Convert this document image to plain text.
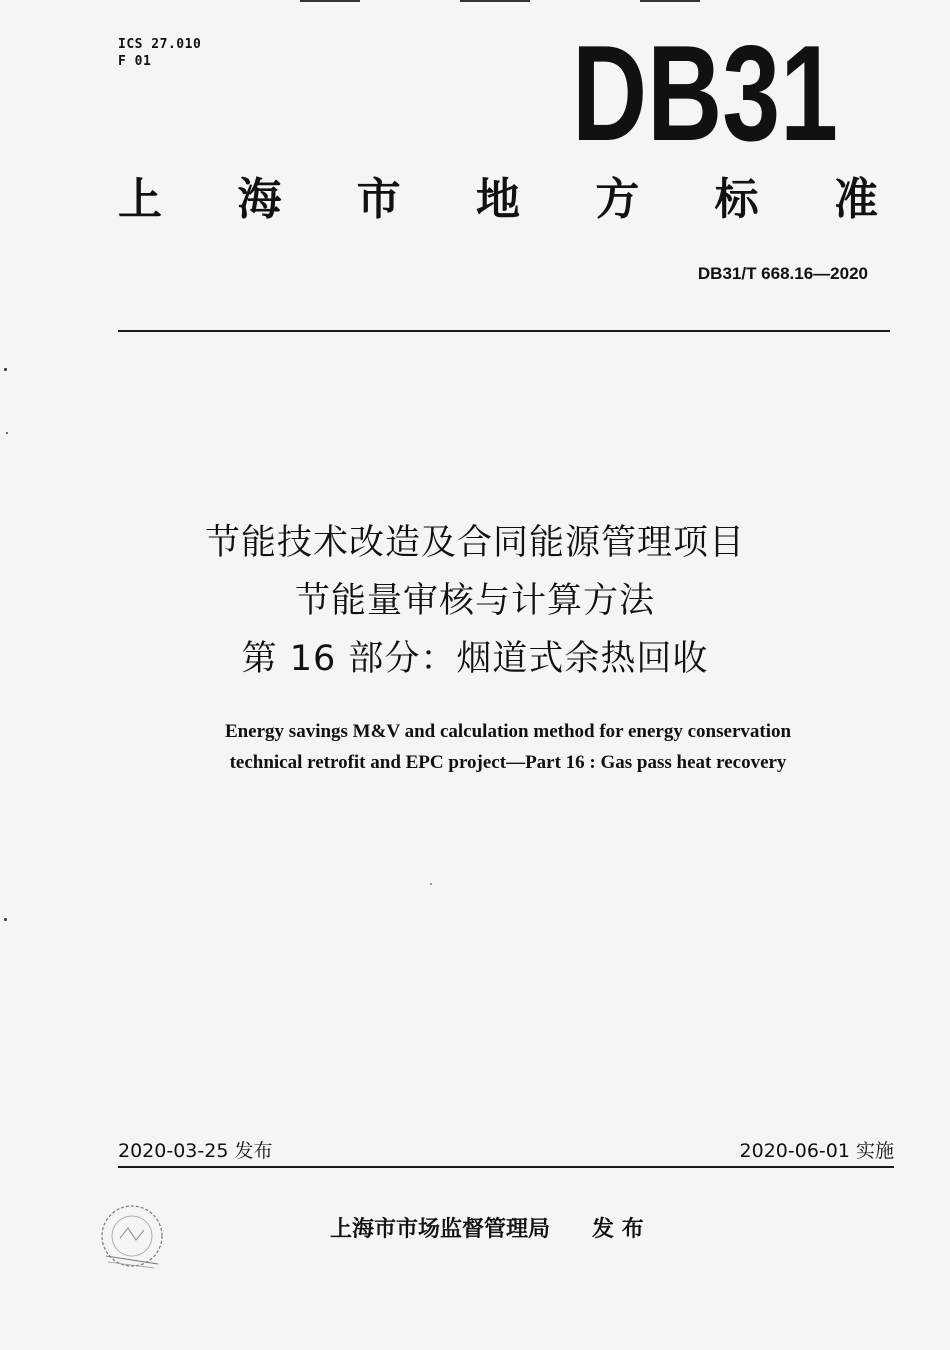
ICS 27.010
F 01	DB31
上 海 市 地 方 标 准
DB31/T 668.16—2020
节能技术改造及合同能源管理项目
节能量审核与计算方法
第 16 部分：烟道式余热回收
Energy savings M&V and calculation method for energy conservation
technical retrofit and EPC project—Part 16 : Gas pass heat recovery
2020-03-25 发布	2020-06-01 实施
上海市市场监督管理局 发 布
